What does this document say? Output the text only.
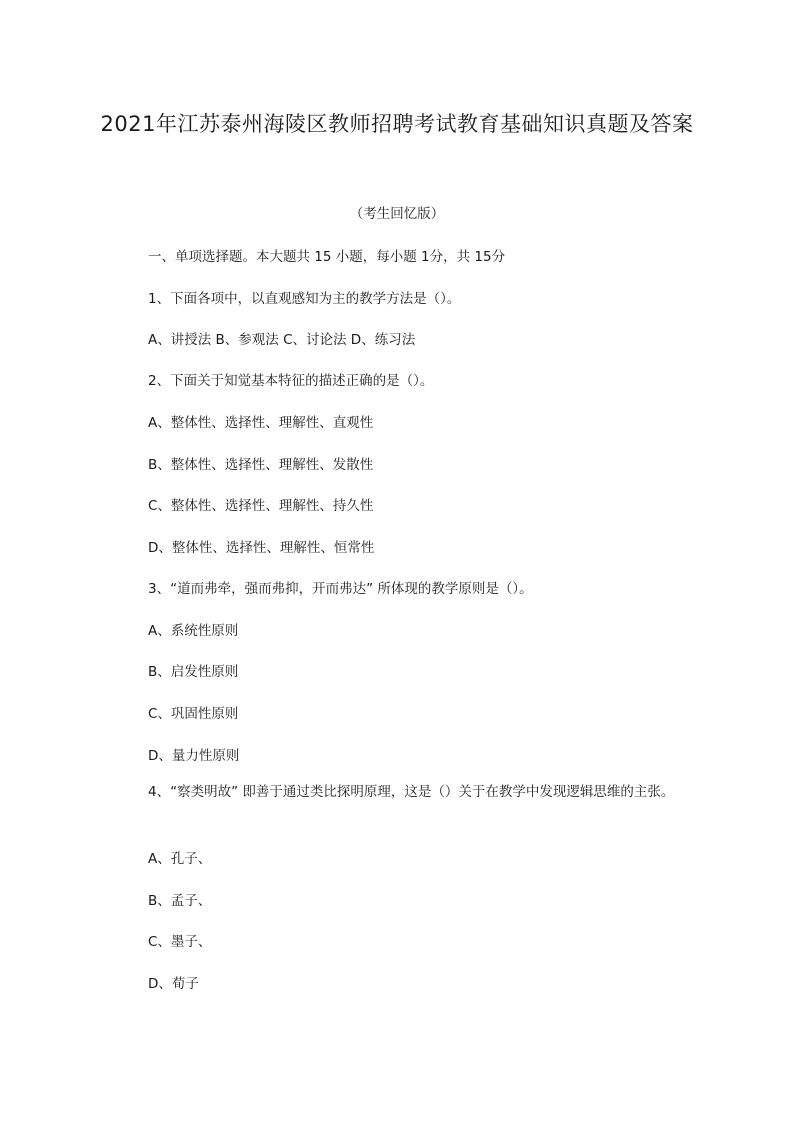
2021年江苏泰州海陵区教师招聘考试教育基础知识真题及答案
（考生回忆版）
一、单项选择题。本大题共 15 小题，每小题 1分，共 15分
1、下面各项中，以直观感知为主的教学方法是（）。
A、讲授法 B、参观法 C、讨论法 D、练习法
2、下面关于知觉基本特征的描述正确的是（）。
A、整体性、选择性、理解性、直观性
B、整体性、选择性、理解性、发散性
C、整体性、选择性、理解性、持久性
D、整体性、选择性、理解性、恒常性
3、“道而弗牵，强而弗抑，开而弗达” 所体现的教学原则是（）。
A、系统性原则
B、启发性原则
C、巩固性原则
D、量力性原则
4、“察类明故” 即善于通过类比探明原理，这是（）关于在教学中发现逻辑思维的主张。
A、孔子、
B、孟子、
C、墨子、
D、荀子
